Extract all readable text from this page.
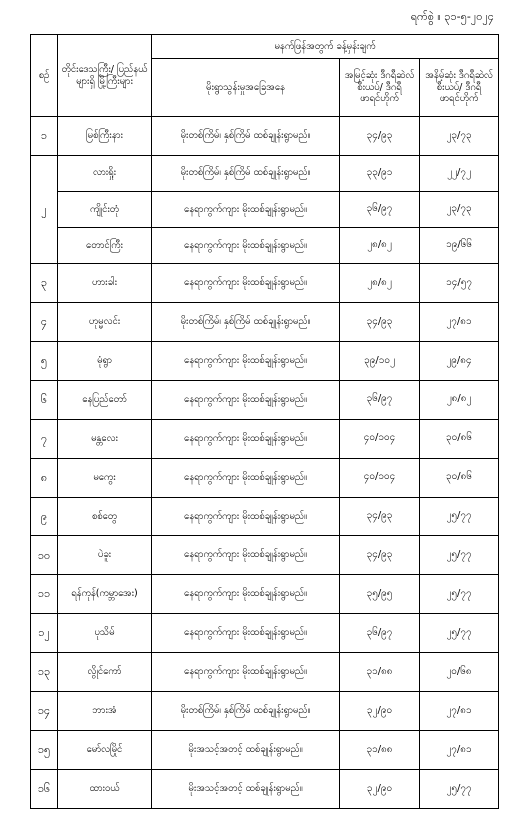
ရက်စွဲ ။ ၃၁-၅-၂၀၂၄
စဉ်	တိုင်းဒေသကြီး/ ပြည်နယ်များရှိ မြို့ကြီးများ	မနက်ဖြန်အတွက် ခန့်မှန်းချက်		
		မိုးရွာသွန်းမှုအခြေအနေ	အမြင့်ဆုံး ဒီဂရီဆဲလ်စီးယပ်/ ဒီဂရီဖာရင်ဟိုက်	အနိမ့်ဆုံး ဒီဂရီဆဲလ်စီးယပ်/ ဒီဂရီဖာရင်ဟိုက်
၁	မြစ်ကြီးနား	မိုးတစ်ကြိမ်၊ နှစ်ကြိမ် ထစ်ချုန်းရွာမည်။	၃၄/၉၃	၂၃/၇၃
၂	လားရှိုး	မိုးတစ်ကြိမ်၊ နှစ်ကြိမ် ထစ်ချုန်းရွာမည်။	၃၃/၉၁	၂၂/၇၂
	ကျိုင်းတုံ	နေရာကွက်ကျား မိုးထစ်ချုန်းရွာမည်။	၃၆/၉၇	၂၃/၇၃
	တောင်ကြီး	နေရာကွက်ကျား မိုးထစ်ချုန်းရွာမည်။	၂၈/၈၂	၁၉/၆၆
၃	ဟားခါး	နေရာကွက်ကျား မိုးထစ်ချုန်းရွာမည်။	၂၈/၈၂	၁၄/၅၇
၄	ဟုမ္မလင်း	မိုးတစ်ကြိမ်၊ နှစ်ကြိမ် ထစ်ချုန်းရွာမည်။	၃၄/၉၃	၂၇/၈၁
၅	မုံရွာ	နေရာကွက်ကျား မိုးထစ်ချုန်းရွာမည်။	၃၉/၁၀၂	၂၉/၈၄
၆	နေပြည်တော်	နေရာကွက်ကျား မိုးထစ်ချုန်းရွာမည်။	၃၆/၉၇	၂၈/၈၂
၇	မန္တလေး	နေရာကွက်ကျား မိုးထစ်ချုန်းရွာမည်။	၄၀/၁၀၄	၃၀/၈၆
၈	မကွေး	နေရာကွက်ကျား မိုးထစ်ချုန်းရွာမည်။	၄၀/၁၀၄	၃၀/၈၆
၉	စစ်တွေ	နေရာကွက်ကျား မိုးထစ်ချုန်းရွာမည်။	၃၄/၉၃	၂၅/၇၇
၁၀	ပဲခူး	နေရာကွက်ကျား မိုးထစ်ချုန်းရွာမည်။	၃၄/၉၃	၂၅/၇၇
၁၁	ရန်ကုန်(ကမ္ဘာအေး)	နေရာကွက်ကျား မိုးထစ်ချုန်းရွာမည်။	၃၅/၉၅	၂၅/၇၇
၁၂	ပုသိမ်	နေရာကွက်ကျား မိုးထစ်ချုန်းရွာမည်။	၃၆/၉၇	၂၅/၇၇
၁၃	လွိုင်ကော်	နေရာကွက်ကျား မိုးထစ်ချုန်းရွာမည်။	၃၁/၈၈	၂၀/၆၈
၁၄	ဘားအံ	မိုးတစ်ကြိမ်၊ နှစ်ကြိမ် ထစ်ချုန်းရွာမည်။	၃၂/၉၀	၂၇/၈၁
၁၅	မော်လမြိုင်	မိုးအသင့်အတင့် ထစ်ချုန်းရွာမည်။	၃၁/၈၈	၂၇/၈၁
၁၆	ထားဝယ်	မိုးအသင့်အတင့် ထစ်ချုန်းရွာမည်။	၃၂/၉၀	၂၅/၇၇
